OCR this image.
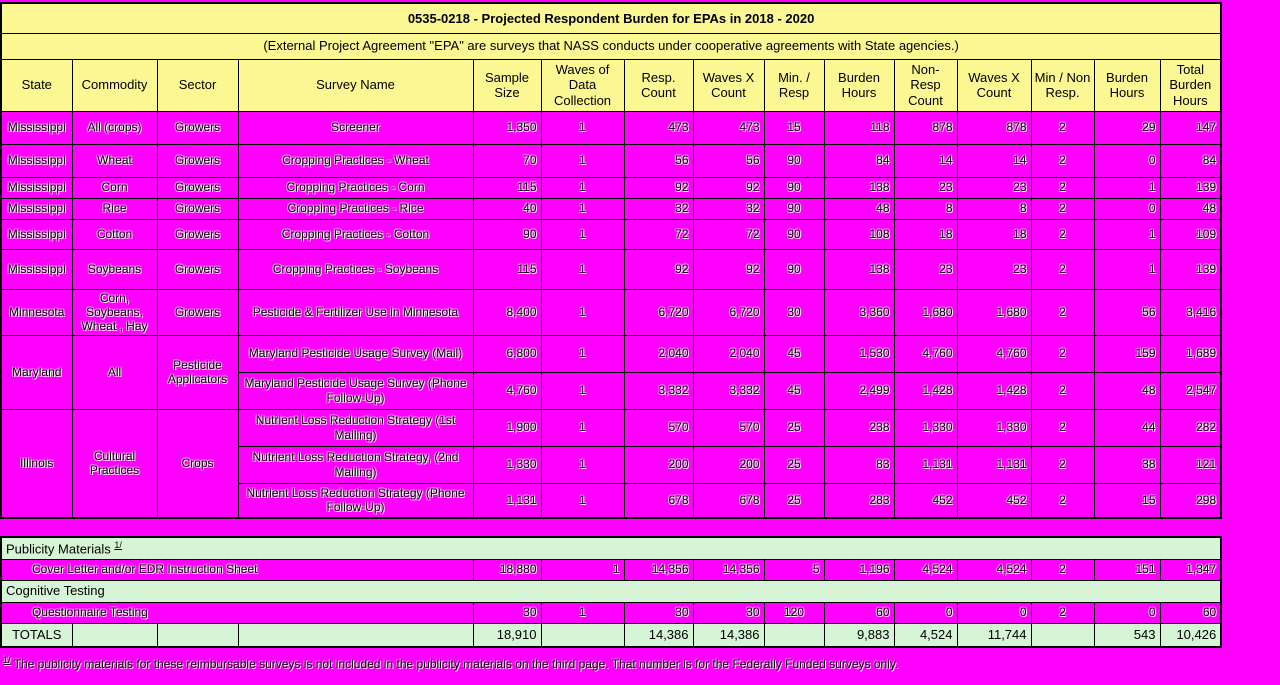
0535-0218 - Projected Respondent Burden for EPAs in 2018 - 2020														
(External Project Agreement "EPA" are surveys that NASS conducts under cooperative agreements with State agencies.)														
State	Commodity	Sector	Survey Name	Sample Size	Waves of Data Collection	Resp. Count	Waves X Count	Min. / Resp	Burden Hours	Non-Resp Count	Waves X Count	Min / Non Resp.	Burden Hours	Total Burden Hours
Mississippi	All (crops)	Growers	Screener	1,350	1	473	473	15	118	878	878	2	29	147
Mississippi	Wheat	Growers	Cropping Practices - Wheat	70	1	56	56	90	84	14	14	2	0	84
Mississippi	Corn	Growers	Cropping Practices - Corn	115	1	92	92	90	138	23	23	2	1	139
Mississippi	Rice	Growers	Cropping Practices - Rice	40	1	32	32	90	48	8	8	2	0	48
Mississippi	Cotton	Growers	Cropping Practices - Cotton	90	1	72	72	90	108	18	18	2	1	109
Mississippi	Soybeans	Growers	Cropping Practices - Soybeans	115	1	92	92	90	138	23	23	2	1	139
Minnesota	Corn, Soybeans, Wheat , Hay	Growers	Pesticide & Fertilizer Use in Minnesota	8,400	1	6,720	6,720	30	3,360	1,680	1,680	2	56	3,416
Maryland	All	Pesticide Applicators	Maryland Pesticide Usage Survey (Mail)	6,800	1	2,040	2,040	45	1,530	4,760	4,760	2	159	1,689
			Maryland Pesticide Usage Survey (Phone Follow-Up)	4,760	1	3,332	3,332	45	2,499	1,428	1,428	2	48	2,547
Illinois	Cultural Practices	Crops	Nutrient Loss Reduction Strategy (1st Mailing)	1,900	1	570	570	25	238	1,330	1,330	2	44	282
			Nutrient Loss Reduction Strategy, (2nd Mailing)	1,330	1	200	200	25	83	1,131	1,131	2	38	121
			Nutrient Loss Reduction Strategy (Phone Follow-Up)	1,131	1	678	678	25	283	452	452	2	15	298
Publicity Materials $^{1/}$
Cover Letter and/or EDR Instruction Sheet				18,880	1	14,356	14,356	5	1,196	4,524	4,524	2	151	1,347
Cognitive Testing														
Questionnaire Testing				30	1	30	30	120	60	0	0	2	0	60
TOTALS				18,910		14,386	14,386		9,883	4,524	11,744		543	10,426
$^{1/}$ The publicity materials for these reimbursable surveys is not included in the publicity materials on the third page. That number is for the Federally Funded surveys only.
